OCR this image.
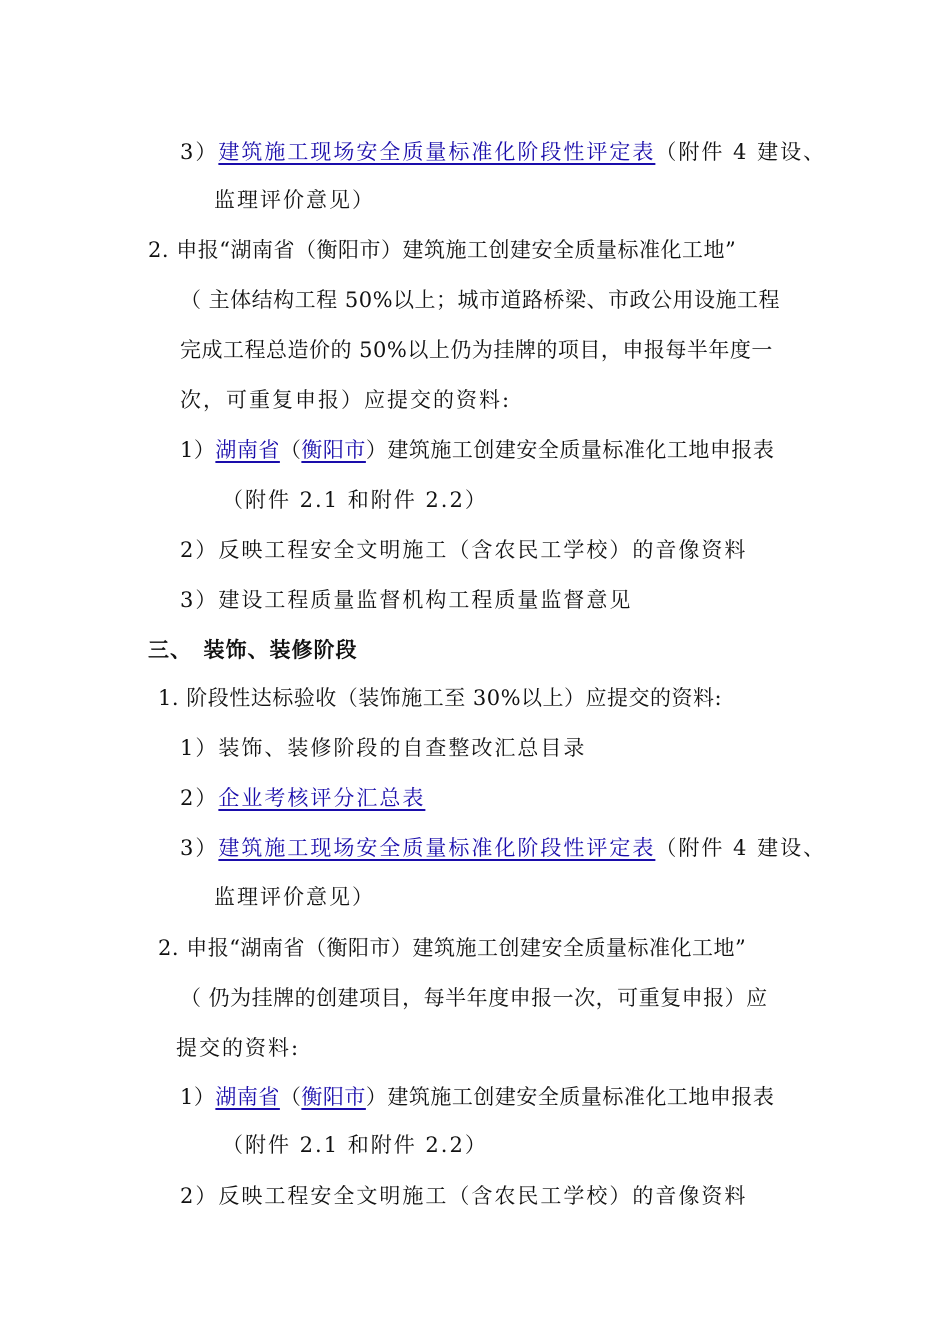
3）建筑施工现场安全质量标准化阶段性评定表（附件 4 建设、
监理评价意见）
2. 申报“湖南省（衡阳市）建筑施工创建安全质量标准化工地”
（ 主体结构工程 50%以上；城市道路桥梁、市政公用设施工程
完成工程总造价的 50%以上仍为挂牌的项目，申报每半年度一
次，可重复申报）应提交的资料:
1）湖南省（衡阳市）建筑施工创建安全质量标准化工地申报表
（附件 2.1 和附件 2.2）
2）反映工程安全文明施工（含农民工学校）的音像资料
3）建设工程质量监督机构工程质量监督意见
三、　装饰、装修阶段
1. 阶段性达标验收（装饰施工至 30%以上）应提交的资料:
1）装饰、装修阶段的自查整改汇总目录
2）企业考核评分汇总表
3）建筑施工现场安全质量标准化阶段性评定表（附件 4 建设、
监理评价意见）
2. 申报“湖南省（衡阳市）建筑施工创建安全质量标准化工地”
（ 仍为挂牌的创建项目，每半年度申报一次，可重复申报）应
提交的资料:
1）湖南省（衡阳市）建筑施工创建安全质量标准化工地申报表
（附件 2.1 和附件 2.2）
2）反映工程安全文明施工（含农民工学校）的音像资料
